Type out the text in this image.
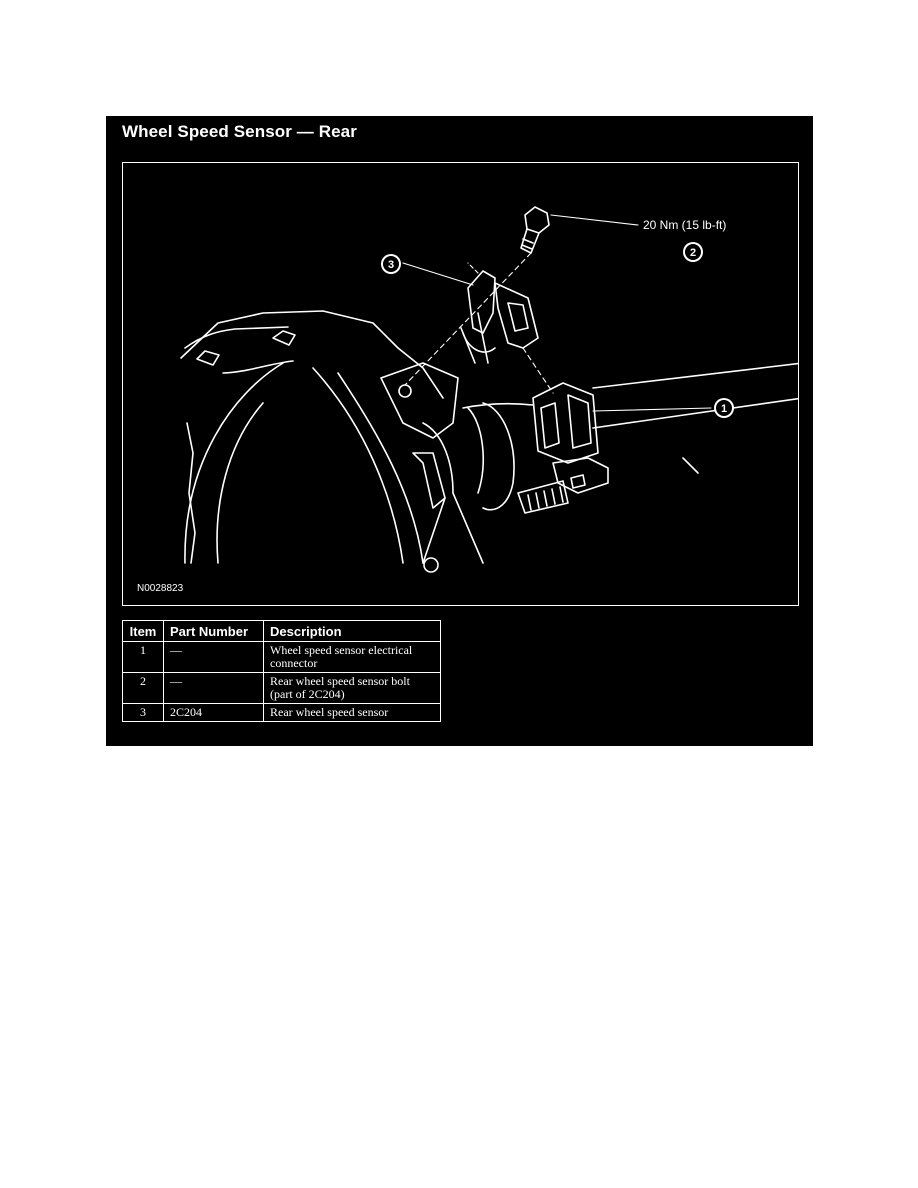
Wheel Speed Sensor — Rear
3
2
1
20 Nm (15 lb-ft)
N0028823
Item	Part Number	Description
1	—	Wheel speed sensor electrical connector
2	—	Rear wheel speed sensor bolt (part of 2C204)
3	2C204	Rear wheel speed sensor
